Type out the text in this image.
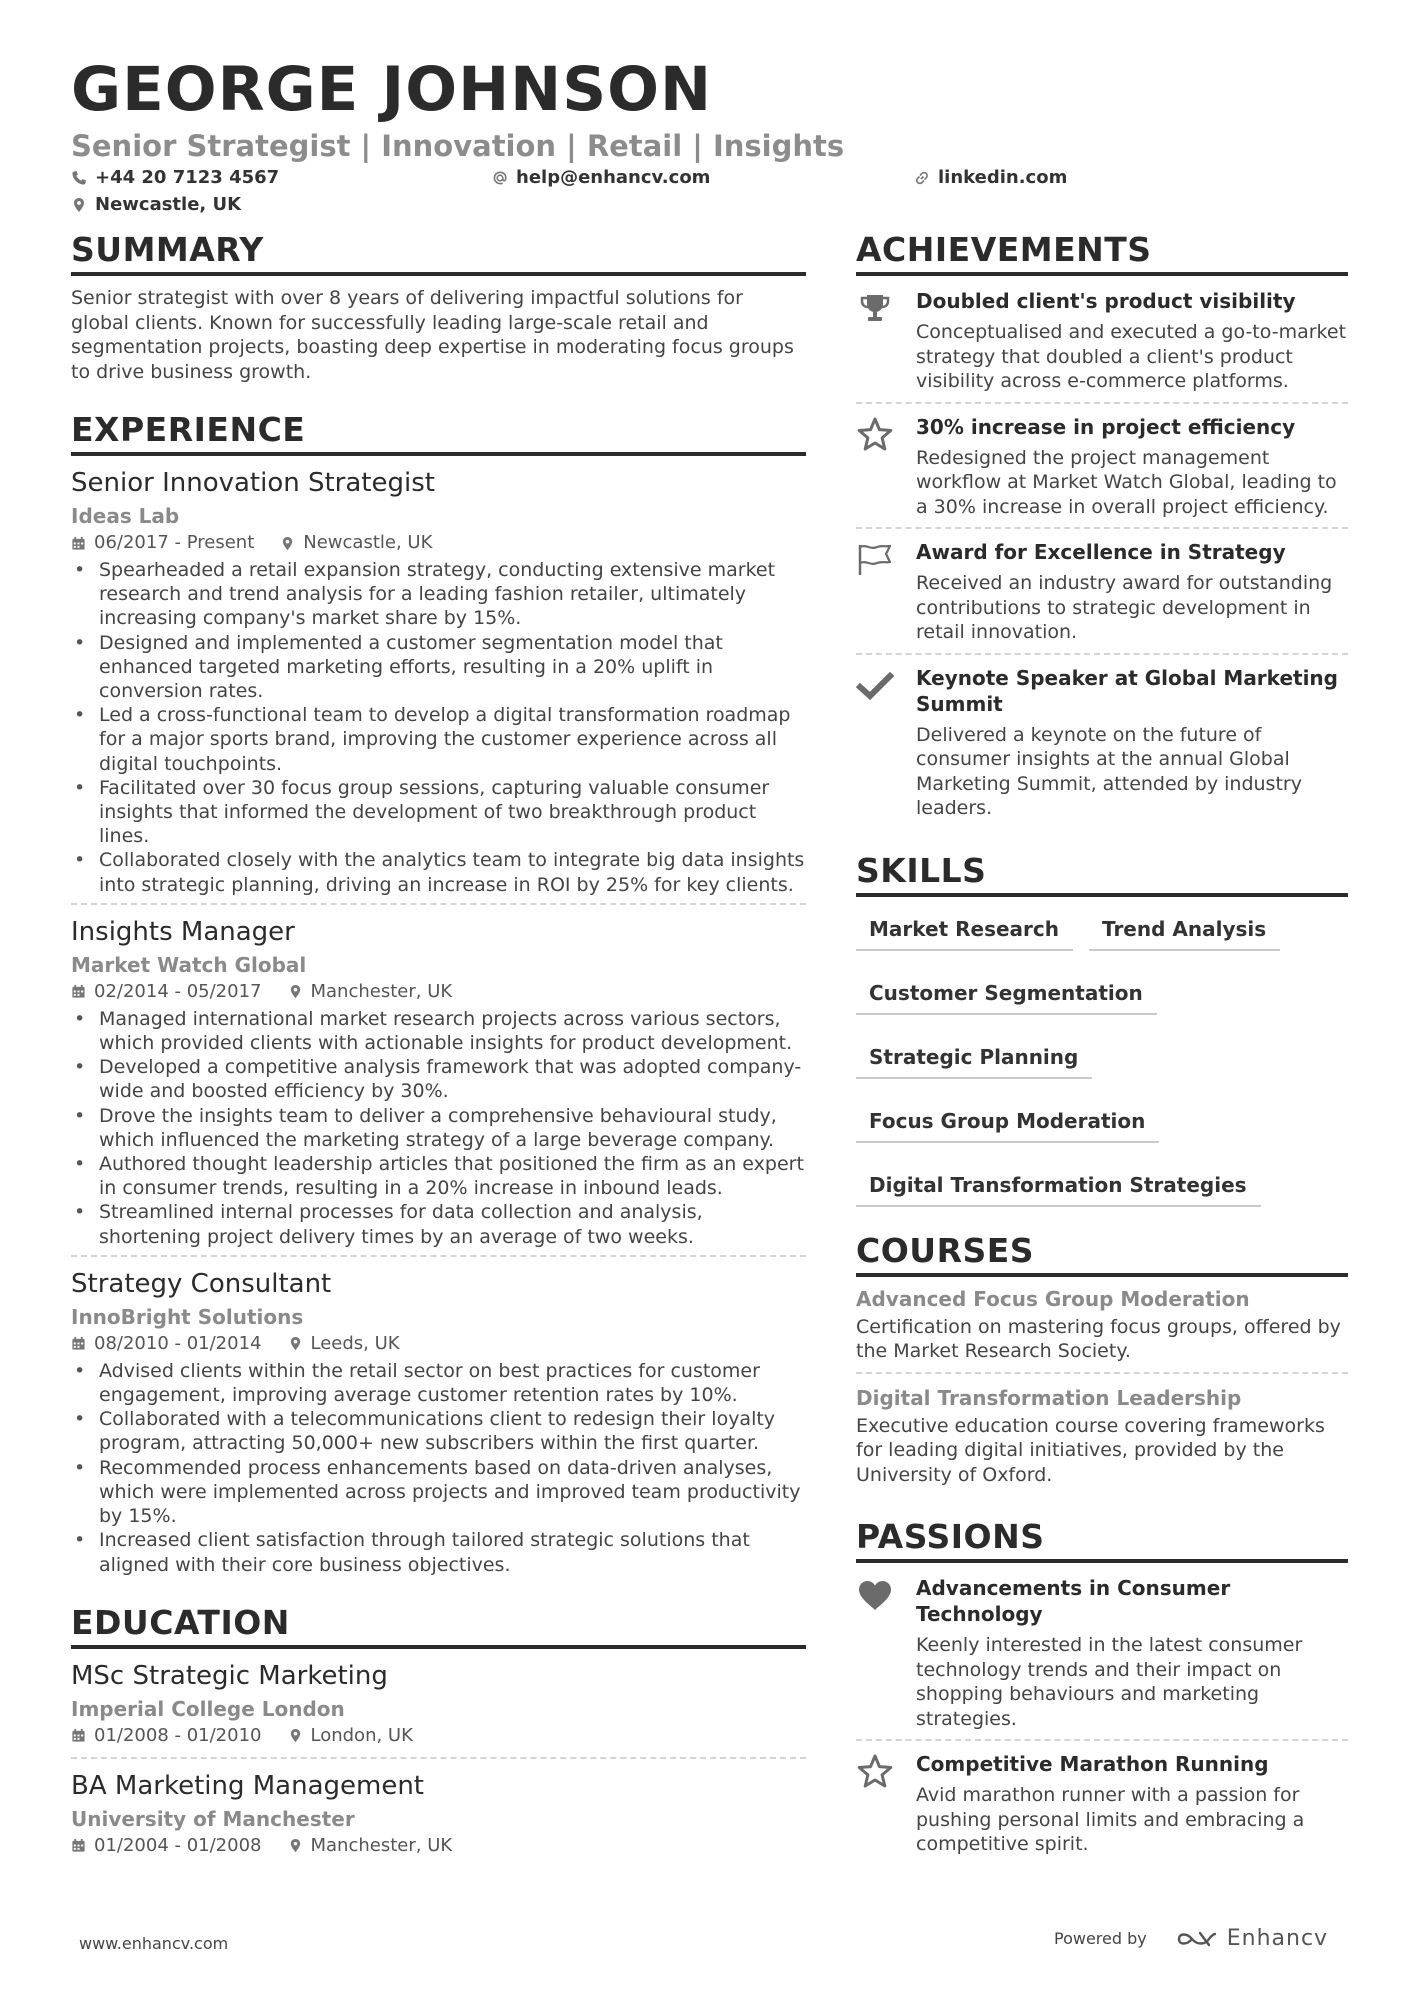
GEORGE JOHNSON
Senior Strategist | Innovation | Retail | Insights
+44 20 7123 4567	help@enhancv.com	linkedin.com
Newcastle, UK
SUMMARY

Senior strategist with over 8 years of delivering impactful solutions for global clients. Known for successfully leading large-scale retail and segmentation projects, boasting deep expertise in moderating focus groups to drive business growth.

EXPERIENCE
Senior Innovation Strategist
Ideas Lab
06/2017 - Present	Newcastle, UK
• Spearheaded a retail expansion strategy, conducting extensive market research and trend analysis for a leading fashion retailer, ultimately increasing company's market share by 15%.
• Designed and implemented a customer segmentation model that enhanced targeted marketing efforts, resulting in a 20% uplift in conversion rates.
• Led a cross-functional team to develop a digital transformation roadmap for a major sports brand, improving the customer experience across all digital touchpoints.
• Facilitated over 30 focus group sessions, capturing valuable consumer insights that informed the development of two breakthrough product lines.
• Collaborated closely with the analytics team to integrate big data insights into strategic planning, driving an increase in ROI by 25% for key clients.
Insights Manager
Market Watch Global
02/2014 - 05/2017	Manchester, UK
• Managed international market research projects across various sectors, which provided clients with actionable insights for product development.
• Developed a competitive analysis framework that was adopted company-wide and boosted efficiency by 30%.
• Drove the insights team to deliver a comprehensive behavioural study, which influenced the marketing strategy of a large beverage company.
• Authored thought leadership articles that positioned the firm as an expert in consumer trends, resulting in a 20% increase in inbound leads.
• Streamlined internal processes for data collection and analysis, shortening project delivery times by an average of two weeks.
Strategy Consultant
InnoBright Solutions
08/2010 - 01/2014	Leeds, UK
• Advised clients within the retail sector on best practices for customer engagement, improving average customer retention rates by 10%.
• Collaborated with a telecommunications client to redesign their loyalty program, attracting 50,000+ new subscribers within the first quarter.
• Recommended process enhancements based on data-driven analyses, which were implemented across projects and improved team productivity by 15%.
• Increased client satisfaction through tailored strategic solutions that aligned with their core business objectives.
EDUCATION
MSc Strategic Marketing
Imperial College London
01/2008 - 01/2010	London, UK
BA Marketing Management
University of Manchester
01/2004 - 01/2008	Manchester, UK
ACHIEVEMENTS
Doubled client's product visibility

Conceptualised and executed a go-to-market strategy that doubled a client's product visibility across e-commerce platforms.

30% increase in project efficiency

Redesigned the project management workflow at Market Watch Global, leading to a 30% increase in overall project efficiency.

Award for Excellence in Strategy

Received an industry award for outstanding contributions to strategic development in retail innovation.

Keynote Speaker at Global Marketing Summit

Delivered a keynote on the future of consumer insights at the annual Global Marketing Summit, attended by industry leaders.

SKILLS
Market Research	Trend Analysis
Customer Segmentation
Strategic Planning
Focus Group Moderation
Digital Transformation Strategies
COURSES
Advanced Focus Group Moderation

Certification on mastering focus groups, offered by the Market Research Society.

Digital Transformation Leadership

Executive education course covering frameworks for leading digital initiatives, provided by the University of Oxford.

PASSIONS
Advancements in Consumer Technology

Keenly interested in the latest consumer technology trends and their impact on shopping behaviours and marketing strategies.

Competitive Marathon Running

Avid marathon runner with a passion for pushing personal limits and embracing a competitive spirit.

www.enhancv.com	Powered by	Enhancv
